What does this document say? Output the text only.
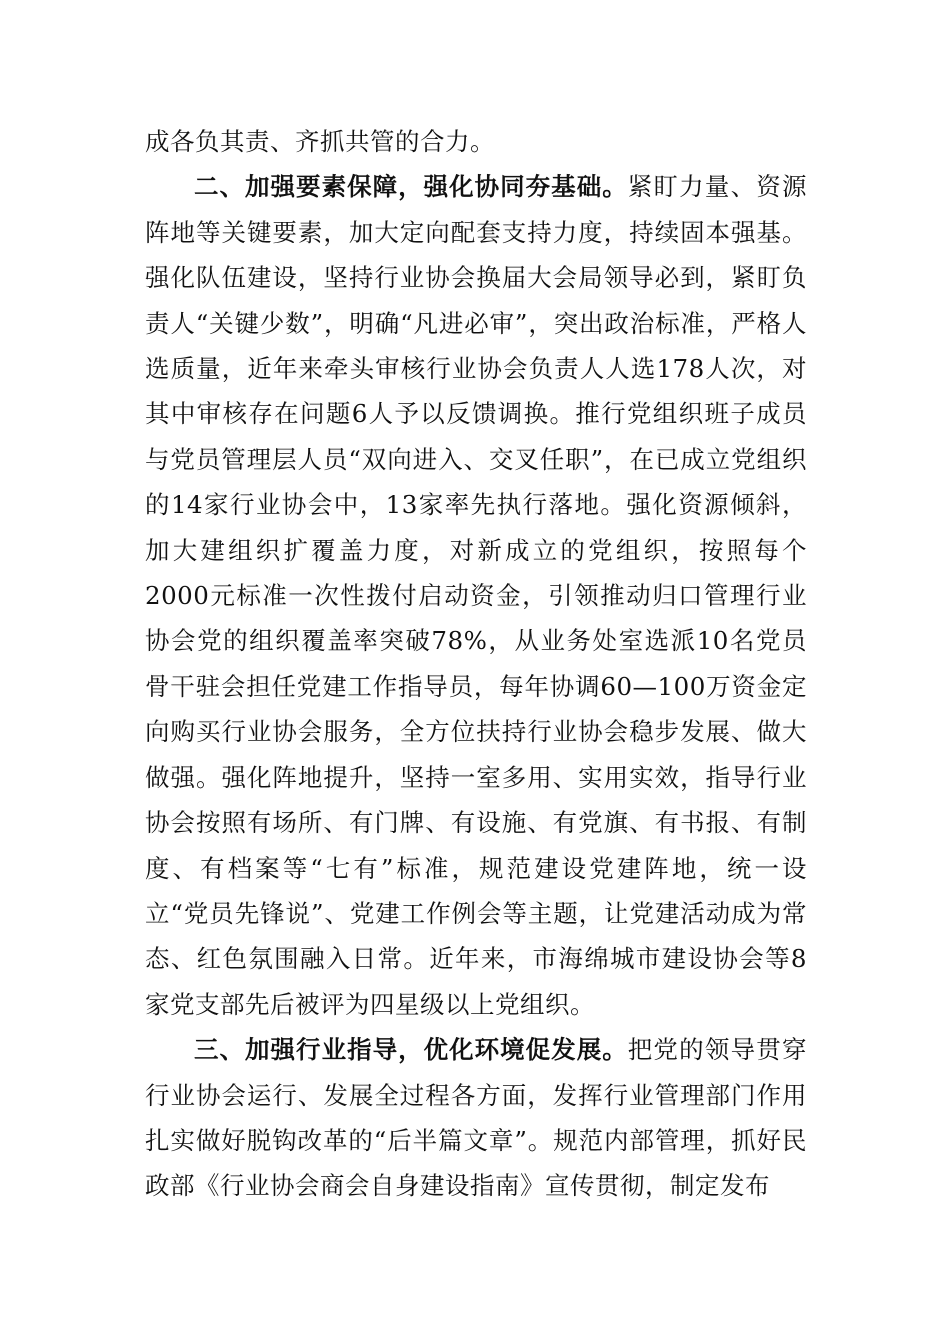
成各负其责、齐抓共管的合力。

二、加强要素保障，强化协同夯基础。紧盯力量、资源阵地等关键要素，加大定向配套支持力度，持续固本强基。强化队伍建设，坚持行业协会换届大会局领导必到，紧盯负责人“关键少数”，明确“凡进必审”，突出政治标准，严格人选质量，近年来牵头审核行业协会负责人人选178人次，对其中审核存在问题6人予以反馈调换。推行党组织班子成员与党员管理层人员“双向进入、交叉任职”，在已成立党组织的14家行业协会中，13家率先执行落地。强化资源倾斜，加大建组织扩覆盖力度，对新成立的党组织，按照每个2000元标准一次性拨付启动资金，引领推动归口管理行业协会党的组织覆盖率突破78%，从业务处室选派10名党员骨干驻会担任党建工作指导员，每年协调60—100万资金定向购买行业协会服务，全方位扶持行业协会稳步发展、做大做强。强化阵地提升，坚持一室多用、实用实效，指导行业协会按照有场所、有门牌、有设施、有党旗、有书报、有制度、有档案等“七有”标准，规范建设党建阵地，统一设立“党员先锋说”、党建工作例会等主题，让党建活动成为常态、红色氛围融入日常。近年来，市海绵城市建设协会等8家党支部先后被评为四星级以上党组织。

三、加强行业指导，优化环境促发展。把党的领导贯穿行业协会运行、发展全过程各方面，发挥行业管理部门作用扎实做好脱钩改革的“后半篇文章”。规范内部管理，抓好民政部《行业协会商会自身建设指南》宣传贯彻，制定发布
